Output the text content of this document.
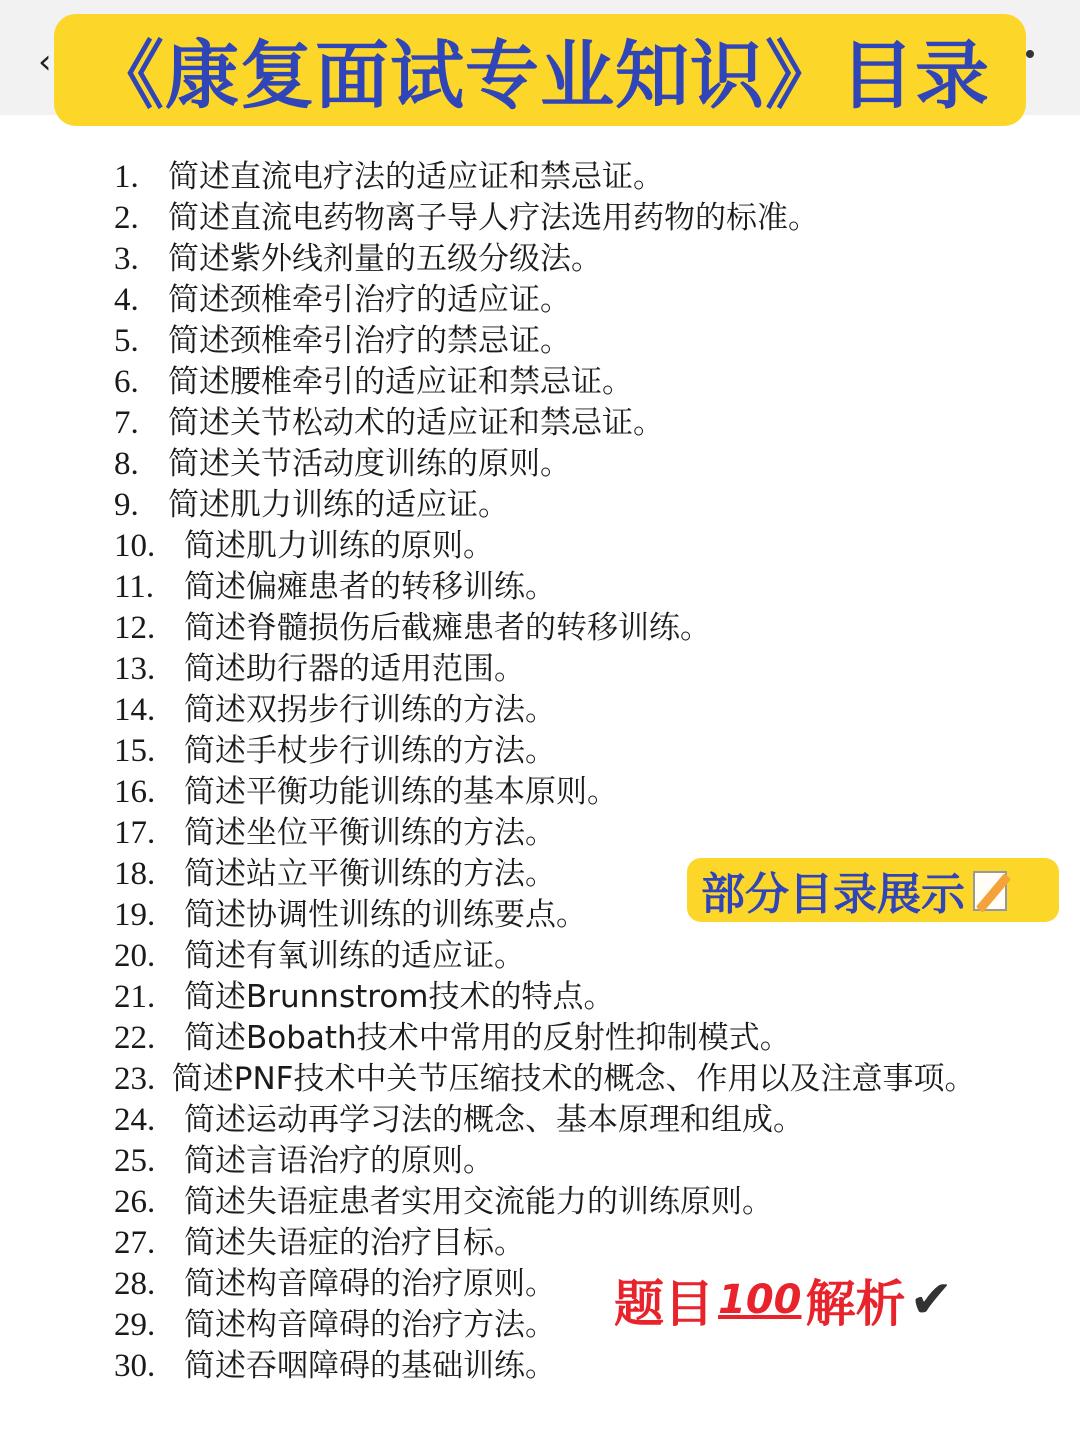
‹ 《康复面试专业知识》目录
1. 简述直流电疗法的适应证和禁忌证。
2. 简述直流电药物离子导人疗法选用药物的标准。
3. 简述紫外线剂量的五级分级法。
4. 简述颈椎牵引治疗的适应证。
5. 简述颈椎牵引治疗的禁忌证。
6. 简述腰椎牵引的适应证和禁忌证。
7. 简述关节松动术的适应证和禁忌证。
8. 简述关节活动度训练的原则。
9. 简述肌力训练的适应证。
10. 简述肌力训练的原则。
11. 简述偏瘫患者的转移训练。
12. 简述脊髓损伤后截瘫患者的转移训练。
13. 简述助行器的适用范围。
14. 简述双拐步行训练的方法。
15. 简述手杖步行训练的方法。
16. 简述平衡功能训练的基本原则。
17. 简述坐位平衡训练的方法。
18. 简述站立平衡训练的方法。
19. 简述协调性训练的训练要点。
20. 简述有氧训练的适应证。
21. 简述Brunnstrom技术的特点。
22. 简述Bobath技术中常用的反射性抑制模式。
23. 简述PNF技术中关节压缩技术的概念、作用以及注意事项。
24. 简述运动再学习法的概念、基本原理和组成。
25. 简述言语治疗的原则。
26. 简述失语症患者实用交流能力的训练原则。
27. 简述失语症的治疗目标。
28. 简述构音障碍的治疗原则。
29. 简述构音障碍的治疗方法。
30. 简述吞咽障碍的基础训练。
部分目录展示
题目 100 解析 ✔
